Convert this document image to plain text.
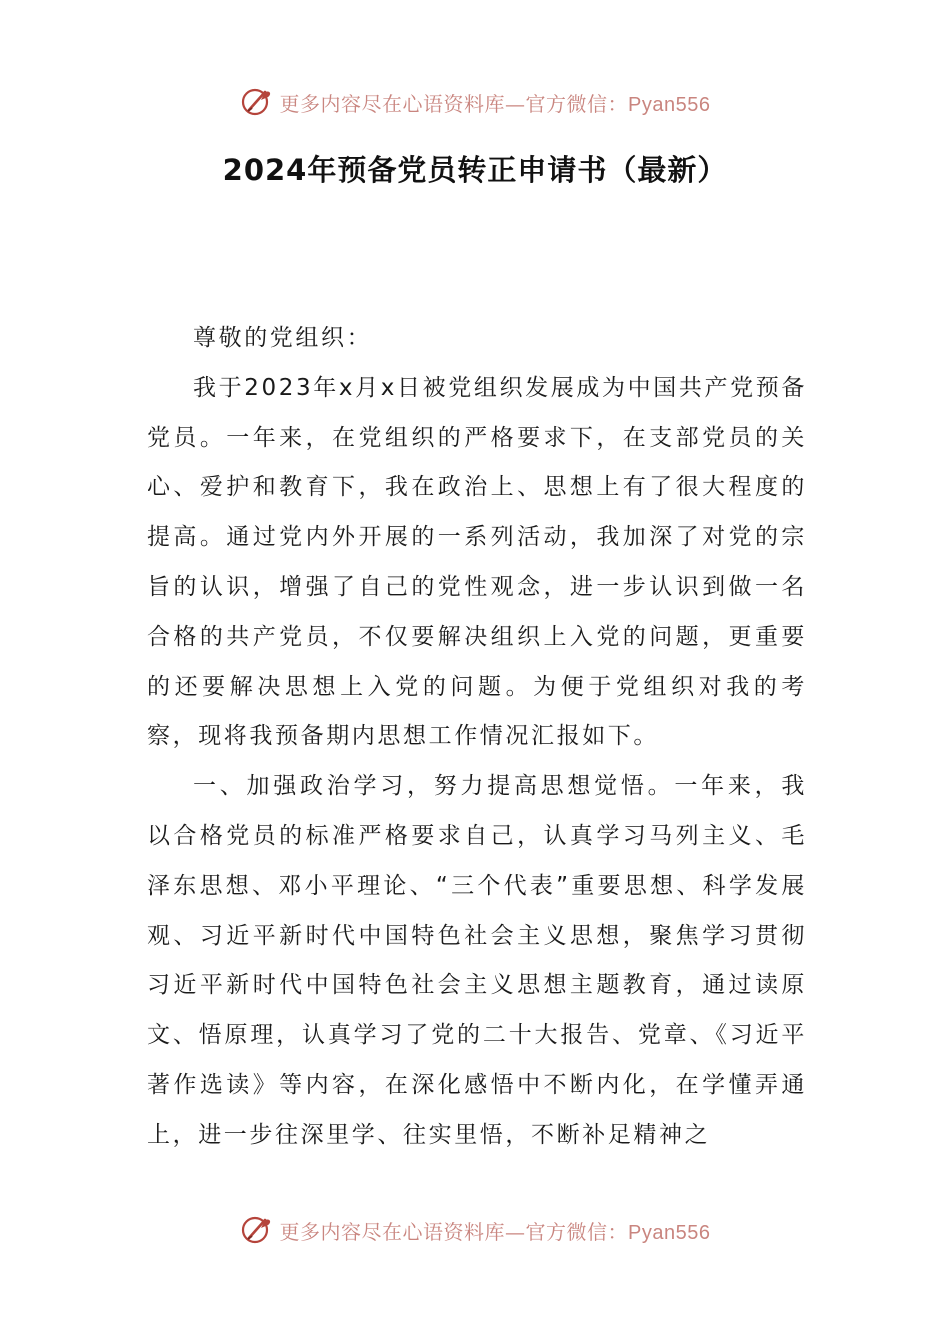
更多内容尽在心语资料库—官方微信：Pyan556
2024年预备党员转正申请书（最新）

尊敬的党组织：

我于2023年x月x日被党组织发展成为中国共产党预备党员。一年来，在党组织的严格要求下，在支部党员的关心、爱护和教育下，我在政治上、思想上有了很大程度的提高。通过党内外开展的一系列活动，我加深了对党的宗旨的认识，增强了自己的党性观念，进一步认识到做一名合格的共产党员，不仅要解决组织上入党的问题，更重要的还要解决思想上入党的问题。为便于党组织对我的考察，现将我预备期内思想工作情况汇报如下。

一、加强政治学习，努力提高思想觉悟。一年来，我以合格党员的标准严格要求自己，认真学习马列主义、毛泽东思想、邓小平理论、“三个代表”重要思想、科学发展观、习近平新时代中国特色社会主义思想，聚焦学习贯彻习近平新时代中国特色社会主义思想主题教育，通过读原文、悟原理，认真学习了党的二十大报告、党章、《习近平著作选读》等内容，在深化感悟中不断内化，在学懂弄通上，进一步往深里学、往实里悟，不断补足精神之

更多内容尽在心语资料库—官方微信：Pyan556
